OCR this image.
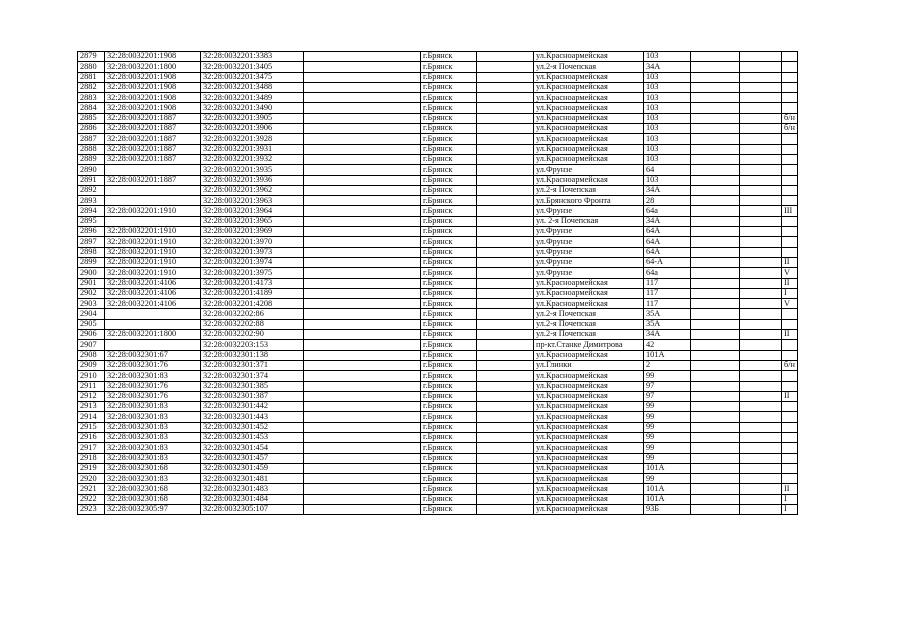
2879	32:28:0032201:1908	32:28:0032201:3383		г.Брянск		ул.Красноармейская	103			
2880	32:28:0032201:1800	32:28:0032201:3405		г.Брянск		ул.2-я Почепская	34А			
2881	32:28:0032201:1908	32:28:0032201:3475		г.Брянск		ул.Красноармейская	103			
2882	32:28:0032201:1908	32:28:0032201:3488		г.Брянск		ул.Красноармейская	103			
2883	32:28:0032201:1908	32:28:0032201:3489		г.Брянск		ул.Красноармейская	103			
2884	32:28:0032201:1908	32:28:0032201:3490		г.Брянск		ул.Красноармейская	103			
2885	32:28:0032201:1887	32:28:0032201:3905		г.Брянск		ул.Красноармейская	103			б/н
2886	32:28:0032201:1887	32:28:0032201:3906		г.Брянск		ул.Красноармейская	103			б/н
2887	32:28:0032201:1887	32:28:0032201:3928		г.Брянск		ул.Красноармейская	103			
2888	32:28:0032201:1887	32:28:0032201:3931		г.Брянск		ул.Красноармейская	103			
2889	32:28:0032201:1887	32:28:0032201:3932		г.Брянск		ул.Красноармейская	103			
2890		32:28:0032201:3935		г.Брянск		ул.Фрунзе	64			
2891	32:28:0032201:1887	32:28:0032201:3936		г.Брянск		ул.Красноармейская	103			
2892		32:28:0032201:3962		г.Брянск		ул.2-я Почепская	34А			
2893		32:28:0032201:3963		г.Брянск		ул.Брянского Фронта	28			
2894	32:28:0032201:1910	32:28:0032201:3964		г.Брянск		ул.Фрунзе	64а			III
2895		32:28:0032201:3965		г.Брянск		ул. 2-я Почепская	34А			
2896	32:28:0032201:1910	32:28:0032201:3969		г.Брянск		ул.Фрунзе	64А			
2897	32:28:0032201:1910	32:28:0032201:3970		г.Брянск		ул.Фрунзе	64А			
2898	32:28:0032201:1910	32:28:0032201:3973		г.Брянск		ул.Фрунзе	64А			
2899	32:28:0032201:1910	32:28:0032201:3974		г.Брянск		ул.Фрунзе	64-А			II
2900	32:28:0032201:1910	32:28:0032201:3975		г.Брянск		ул.Фрунзе	64а			V
2901	32:28:0032201:4106	32:28:0032201:4173		г.Брянск		ул.Красноармейская	117			II
2902	32:28:0032201:4106	32:28:0032201:4189		г.Брянск		ул.Красноармейская	117			I
2903	32:28:0032201:4106	32:28:0032201:4208		г.Брянск		ул.Красноармейская	117			V
2904		32:28:0032202:86		г.Брянск		ул.2-я Почепская	35А			
2905		32:28:0032202:88		г.Брянск		ул.2-я Почепская	35А			
2906	32:28:0032201:1800	32:28:0032202:90		г.Брянск		ул.2-я Почепская	34А			II
2907		32:28:0032203:153		г.Брянск		пр-кт.Станке Димитрова	42			
2908	32:28:0032301:67	32:28:0032301:138		г.Брянск		ул.Красноармейская	101А			
2909	32:28:0032301:76	32:28:0032301:371		г.Брянск		ул.Глинки	2			б/н
2910	32:28:0032301:83	32:28:0032301:374		г.Брянск		ул.Красноармейская	99			
2911	32:28:0032301:76	32:28:0032301:385		г.Брянск		ул.Красноармейская	97			
2912	32:28:0032301:76	32:28:0032301:387		г.Брянск		ул.Красноармейская	97			II
2913	32:28:0032301:83	32:28:0032301:442		г.Брянск		ул.Красноармейская	99			
2914	32:28:0032301:83	32:28:0032301:443		г.Брянск		ул.Красноармейская	99			
2915	32:28:0032301:83	32:28:0032301:452		г.Брянск		ул.Красноармейская	99			
2916	32:28:0032301:83	32:28:0032301:453		г.Брянск		ул.Красноармейская	99			
2917	32:28:0032301:83	32:28:0032301:454		г.Брянск		ул.Красноармейская	99			
2918	32:28:0032301:83	32:28:0032301:457		г.Брянск		ул.Красноармейская	99			
2919	32:28:0032301:68	32:28:0032301:459		г.Брянск		ул.Красноармейская	101А			
2920	32:28:0032301:83	32:28:0032301:481		г.Брянск		ул.Красноармейская	99			
2921	32:28:0032301:68	32:28:0032301:483		г.Брянск		ул.Красноармейская	101А			II
2922	32:28:0032301:68	32:28:0032301:484		г.Брянск		ул.Красноармейская	101А			I
2923	32:28:0032305:97	32:28:0032305:107		г.Брянск		ул.Красноармейская	93Б			I
